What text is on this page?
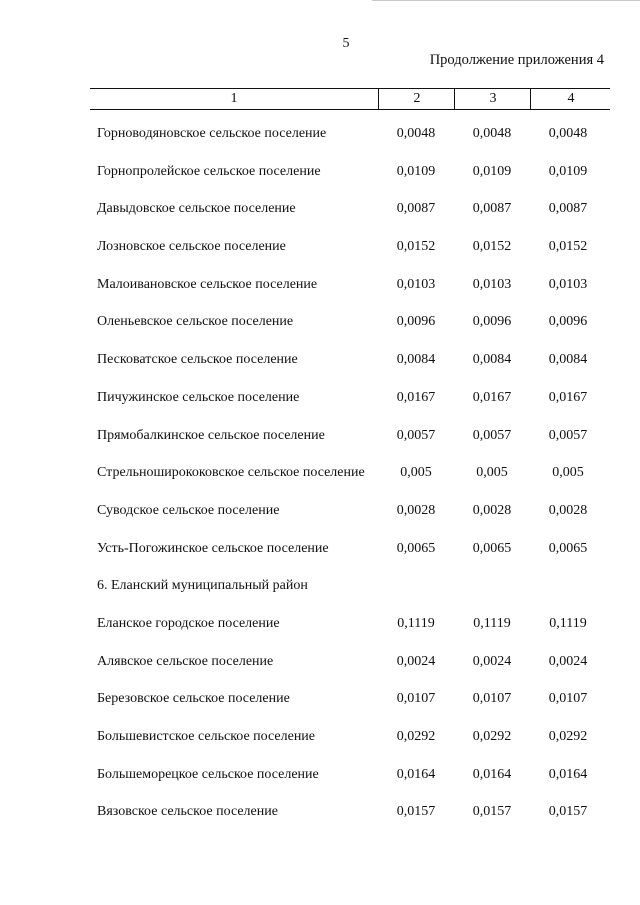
5
Продолжение приложения 4
1	2	3	4
Горноводяновское сельское поселение	0,0048	0,0048	0,0048
Горнопролейское сельское поселение	0,0109	0,0109	0,0109
Давыдовское сельское поселение	0,0087	0,0087	0,0087
Лозновское сельское поселение	0,0152	0,0152	0,0152
Малоивановское сельское поселение	0,0103	0,0103	0,0103
Оленьевское сельское поселение	0,0096	0,0096	0,0096
Песковатское сельское поселение	0,0084	0,0084	0,0084
Пичужинское сельское поселение	0,0167	0,0167	0,0167
Прямобалкинское сельское поселение	0,0057	0,0057	0,0057
Стрельноширококовское сельское поселение	0,005	0,005	0,005
Суводское сельское поселение	0,0028	0,0028	0,0028
Усть-Погожинское сельское поселение	0,0065	0,0065	0,0065
6. Еланский муниципальный район
Еланское городское поселение	0,1119	0,1119	0,1119
Алявское сельское поселение	0,0024	0,0024	0,0024
Березовское сельское поселение	0,0107	0,0107	0,0107
Большевистское сельское поселение	0,0292	0,0292	0,0292
Большеморецкое сельское поселение	0,0164	0,0164	0,0164
Вязовское сельское поселение	0,0157	0,0157	0,0157
